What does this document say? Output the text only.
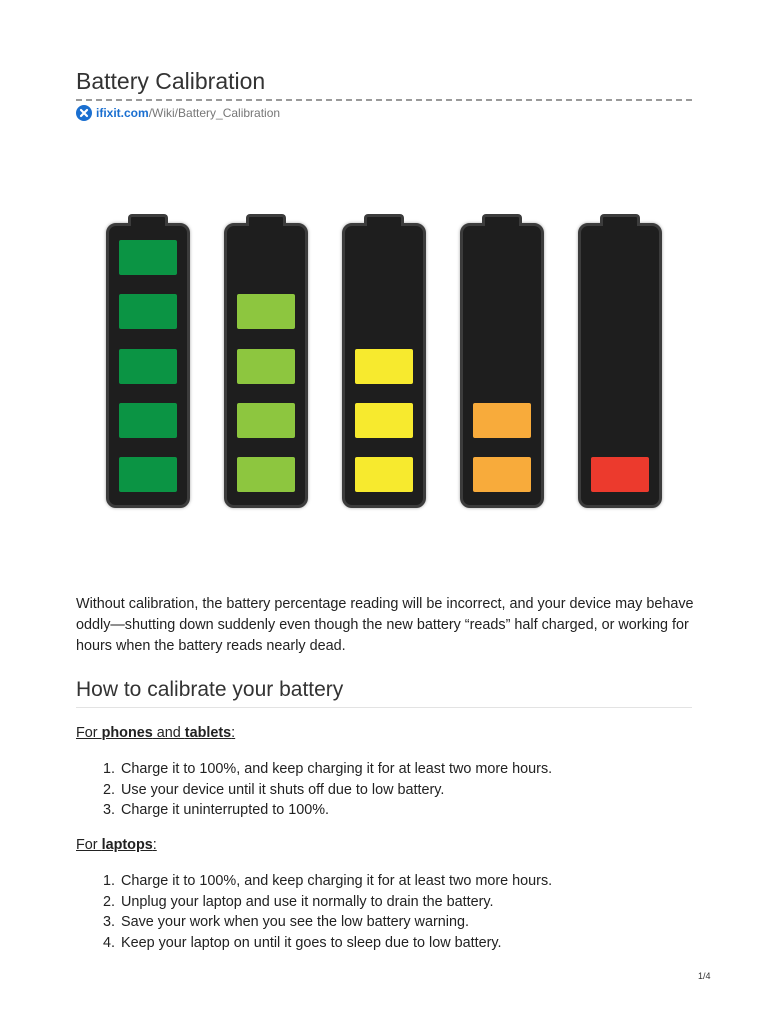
Battery Calibration
ifixit.com /Wiki/Battery_Calibration

Without calibration, the battery percentage reading will be incorrect, and your device may behave oddly—shutting down suddenly even though the new battery “reads” half charged, or working for hours when the battery reads nearly dead.

How to calibrate your battery

For phones and tablets:

1. Charge it to 100%, and keep charging it for at least two more hours.
2. Use your device until it shuts off due to low battery.
3. Charge it uninterrupted to 100%.

For laptops:

1. Charge it to 100%, and keep charging it for at least two more hours.
2. Unplug your laptop and use it normally to drain the battery.
3. Save your work when you see the low battery warning.
4. Keep your laptop on until it goes to sleep due to low battery.
1/4
